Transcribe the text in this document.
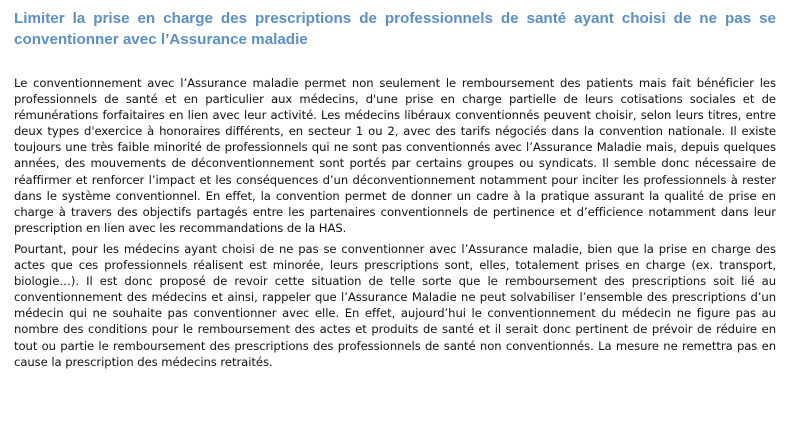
Limiter la prise en charge des prescriptions de professionnels de santé ayant choisi de ne pas se conventionner avec l’Assurance maladie

Le conventionnement avec l’Assurance maladie permet non seulement le remboursement des patients mais fait bénéficier les professionnels de santé et en particulier aux médecins, d'une prise en charge partielle de leurs cotisations sociales et de rémunérations forfaitaires en lien avec leur activité. Les médecins libéraux conventionnés peuvent choisir, selon leurs titres, entre deux types d'exercice à honoraires différents, en secteur 1 ou 2, avec des tarifs négociés dans la convention nationale. Il existe toujours une très faible minorité de professionnels qui ne sont pas conventionnés avec l’Assurance Maladie mais, depuis quelques années, des mouvements de déconventionnement sont portés par certains groupes ou syndicats. Il semble donc nécessaire de réaffirmer et renforcer l’impact et les conséquences d’un déconventionnement notamment pour inciter les professionnels à rester dans le système conventionnel. En effet, la convention permet de donner un cadre à la pratique assurant la qualité de prise en charge à travers des objectifs partagés entre les partenaires conventionnels de pertinence et d’efficience notamment dans leur prescription en lien avec les recommandations de la HAS.

Pourtant, pour les médecins ayant choisi de ne pas se conventionner avec l’Assurance maladie, bien que la prise en charge des actes que ces professionnels réalisent est minorée, leurs prescriptions sont, elles, totalement prises en charge (ex. transport, biologie…). Il est donc proposé de revoir cette situation de telle sorte que le remboursement des prescriptions soit lié au conventionnement des médecins et ainsi, rappeler que l’Assurance Maladie ne peut solvabiliser l’ensemble des prescriptions d’un médecin qui ne souhaite pas conventionner avec elle. En effet, aujourd’hui le conventionnement du médecin ne figure pas au nombre des conditions pour le remboursement des actes et produits de santé et il serait donc pertinent de prévoir de réduire en tout ou partie le remboursement des prescriptions des professionnels de santé non conventionnés. La mesure ne remettra pas en cause la prescription des médecins retraités.
